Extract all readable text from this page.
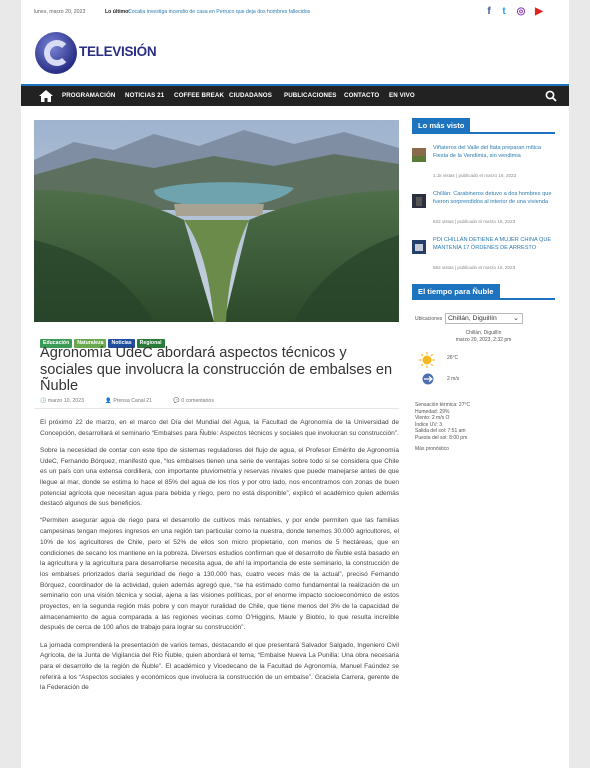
lunes, marzo 20, 2023	Lo último:
Cocalia investiga incendio de casa en Perruco que deja dos hombres fallecidos	f	t	◎ ▶
TELEVISIÓN
PROGRAMACIÓN NOTICIAS 21 COFFEE BREAK CIUDADANOS PUBLICACIONES CONTACTO EN VIVO
Educación Naturaleza Noticias Regional
Agronomía UdeC abordará aspectos técnicos y sociales que involucra la construcción de embalses en Ñuble
🕓 marzo 10, 2023	👤 Prensa Canal 21	💬 0 comentarios

El próximo 22 de marzo, en el marco del Día del Mundial del Agua, la Facultad de Agronomía de la Universidad de Concepción, desarrollará el seminario “Embalses para Ñuble: Aspectos técnicos y sociales que involucran su construcción”.

Sobre la necesidad de contar con este tipo de sistemas reguladores del flujo de agua, el Profesor Emérito de Agronomía UdeC, Fernando Bórquez, manifestó que, “los embalses tienen una serie de ventajas sobre todo si se considera que Chile es un país con una extensa cordillera, con importante pluviometría y reservas nivales que puede manejarse antes de que llegue al mar, donde se estima lo hace el 85% del agua de los ríos y por otro lado, nos encontramos con zonas de buen potencial agrícola que necesitan agua para bebida y riego, pero no está disponible”, explicó el académico quien además destacó algunos de sus beneficios.

“Permiten asegurar agua de riego para el desarrollo de cultivos más rentables, y por ende permiten que las familias campesinas tengan mejores ingresos en una región tan particular como la nuestra, donde tenemos 30.000 agricultores, el 10% de los agricultores de Chile, pero el 52% de ellos son micro propietario, con menos de 5 hectáreas, que en condiciones de secano los mantiene en la pobreza. Diversos estudios confirman que el desarrollo de Ñuble está basado en la agricultura y la agricultura para desarrollarse necesita agua, de ahí la importancia de este seminario, la construcción de los embalses priorizados daría seguridad de riego a 130.000 has, cuatro veces más de la actual”, precisó Fernando Bórquez, coordinador de la actividad, quien además agregó que, “se ha estimado como fundamental la realización de un seminario con una visión técnica y social, ajena a las visiones políticas, por el enorme impacto socioeconómico de estos proyectos, en la segunda región más pobre y con mayor ruralidad de Chile, que tiene menos del 3% de la capacidad de almacenamiento de agua comparada a las regiones vecinas como O’Higgins, Maule y Biobío, lo que resulta increíble después de cerca de 100 años de trabajo para lograr su construcción”.

La jornada comprenderá la presentación de varios temas, destacando el que presentará Salvador Salgado, Ingeniero Civil Agrícola, de la Junta de Vigilancia del Río Ñuble, quien abordará el tema, “Embalse Nueva La Punilla: Una obra necesaria para el desarrollo de la región de Ñuble”. El académico y Vicedecano de la Facultad de Agronomía, Manuel Faúndez se referirá a los “Aspectos sociales y económicos que involucra la construcción de un embalse”. Graciela Carrera, gerente de la Federación de

Lo más visto
Viñateros del Valle del Itata preparan mítica Fiesta de la Vendimia, sin vendimia
1.1k vistas | publicado el marzo 16, 2023
Chillán: Carabineros detuvo a dos hombres que fueron sorprendidos al interior de una vivienda
632 vistas | publicado el marzo 16, 2023
PDI CHILLÁN DETIENE A MUJER CHINA QUE MANTENÍA 17 ÓRDENES DE ARRESTO
582 vistas | publicado el marzo 16, 2023
El tiempo para Ñuble
Ubicaciones Chillán, Diguillín ⌄
Chillán, Diguillín
marzo 20, 2023, 2:32 pm
26°C
2 m/s
Sensación térmica: 27°C
Humedad: 29%
Viento: 2 m/s O
Índice UV: 3
Salida del sol: 7:51 am
Puesta del sol: 8:00 pm
Más pronóstico
